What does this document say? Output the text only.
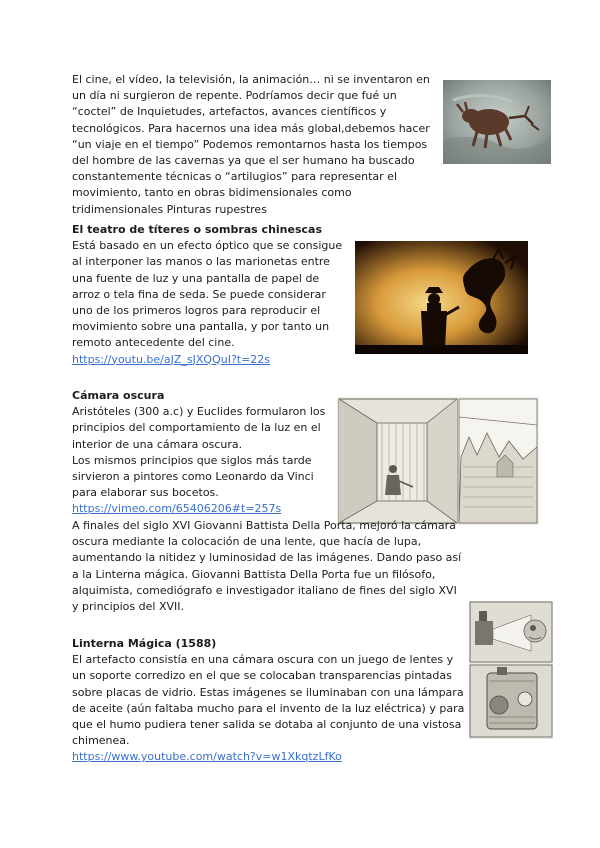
El cine, el vídeo, la televisión, la animación… ni se inventaron en un día ni surgieron de repente. Podríamos decir que fué un “coctel” de Inquietudes, artefactos, avances científicos y tecnológicos. Para hacernos una idea más global,debemos hacer “un viaje en el tiempo” Podemos remontarnos hasta los tiempos del hombre de las cavernas ya que el ser humano ha buscado constantemente técnicas o “artilugios” para representar el movimiento, tanto en obras bidimensionales como tridimensionales Pinturas rupestres

El teatro de títeres o sombras chinescas

Está basado en un efecto óptico que se consigue al interponer las manos o las marionetas entre una fuente de luz y una pantalla de papel de arroz o tela fina de seda. Se puede considerar uno de los primeros logros para reproducir el movimiento sobre una pantalla, y por tanto un remoto antecedente del cine.

https://youtu.be/aJZ_sJXQQuI?t=22s

Cámara oscura

Aristóteles (300 a.c) y Euclides formularon los principios del comportamiento de la luz en el interior de una cámara oscura.

Los mismos principios que siglos más tarde sirvieron a pintores como Leonardo da Vinci para elaborar sus bocetos.

https://vimeo.com/65406206#t=257s

A finales del siglo XVI Giovanni Battista Della Porta, mejoró la cámara oscura mediante la colocación de una lente, que hacía de lupa, aumentando la nitidez y luminosidad de las imágenes. Dando paso así a la Linterna mágica. Giovanni Battista Della Porta fue un filósofo, alquimista, comediógrafo e investigador italiano de fines del siglo XVI y principios del XVII.

Linterna Mágica (1588)

El artefacto consistía en una cámara oscura con un juego de lentes y un soporte corredizo en el que se colocaban transparencias pintadas sobre placas de vidrio. Estas imágenes se iluminaban con una lámpara de aceite (aún faltaba mucho para el invento de la luz eléctrica) y para que el humo pudiera tener salida se dotaba al conjunto de una vistosa chimenea.

https://www.youtube.com/watch?v=w1XkqtzLfKo
